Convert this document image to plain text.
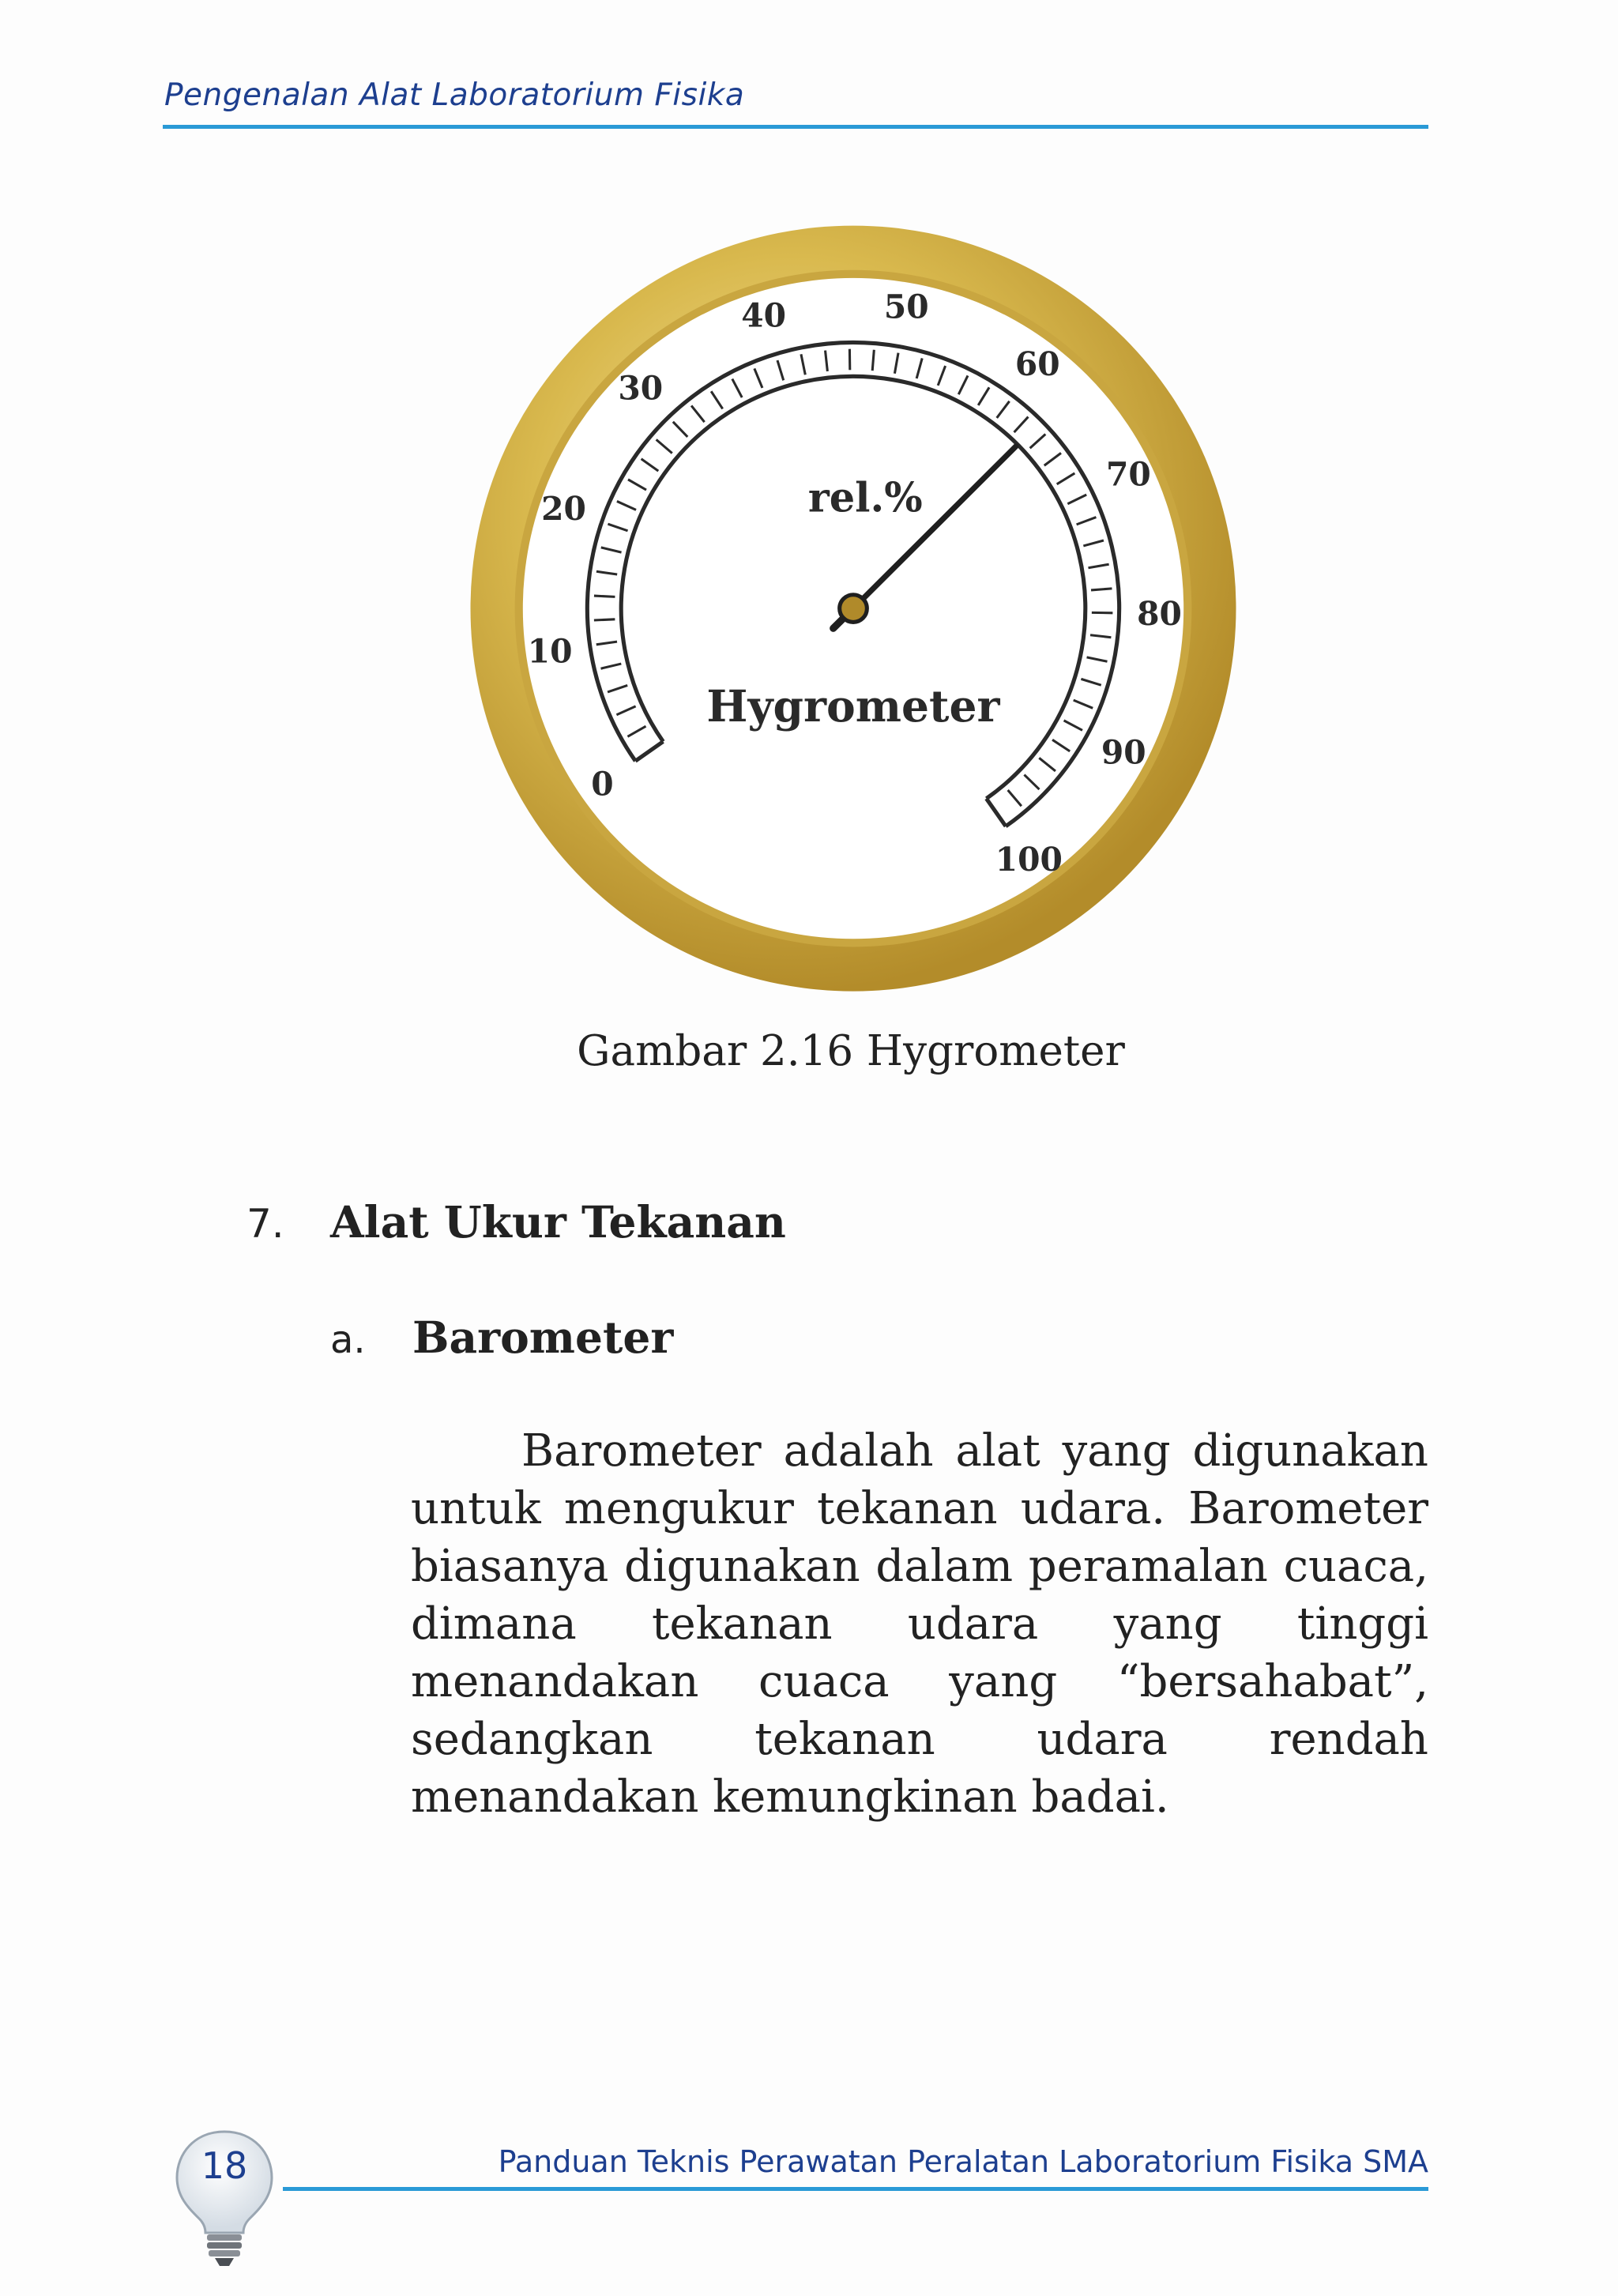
Pengenalan Alat Laboratorium Fisika
0
10
20
30
40	50
60
70
80
90
100
rel.%
Hygrometer
Gambar 2.16 Hygrometer
7. Alat Ukur Tekanan
a. Barometer

Barometer adalah alat yang digunakan untuk mengukur tekanan udara. Barometer biasanya digunakan dalam peramalan cuaca, dimana tekanan udara yang tinggi menandakan cuaca yang “bersahabat”, sedangkan tekanan udara rendah menandakan kemungkinan badai.

18	Panduan Teknis Perawatan Peralatan Laboratorium Fisika SMA
